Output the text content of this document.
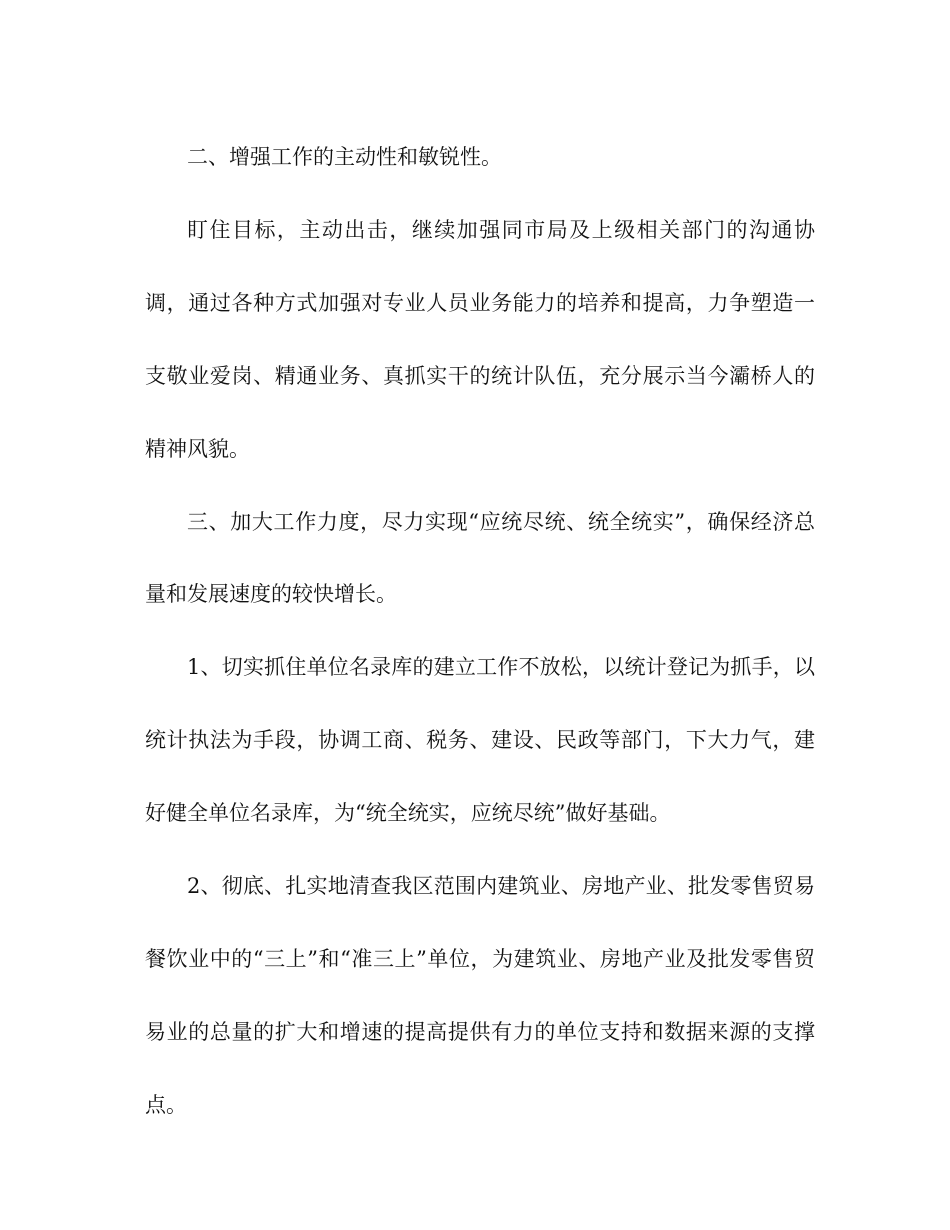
二、增强工作的主动性和敏锐性。

盯住目标，主动出击，继续加强同市局及上级相关部门的沟通协调，通过各种方式加强对专业人员业务能力的培养和提高，力争塑造一支敬业爱岗、精通业务、真抓实干的统计队伍，充分展示当今灞桥人的精神风貌。

三、加大工作力度，尽力实现“应统尽统、统全统实”，确保经济总量和发展速度的较快增长。

1、切实抓住单位名录库的建立工作不放松，以统计登记为抓手，以统计执法为手段，协调工商、税务、建设、民政等部门，下大力气，建好健全单位名录库，为“统全统实，应统尽统”做好基础。

2、彻底、扎实地清查我区范围内建筑业、房地产业、批发零售贸易餐饮业中的“三上”和“准三上”单位，为建筑业、房地产业及批发零售贸易业的总量的扩大和增速的提高提供有力的单位支持和数据来源的支撑点。
